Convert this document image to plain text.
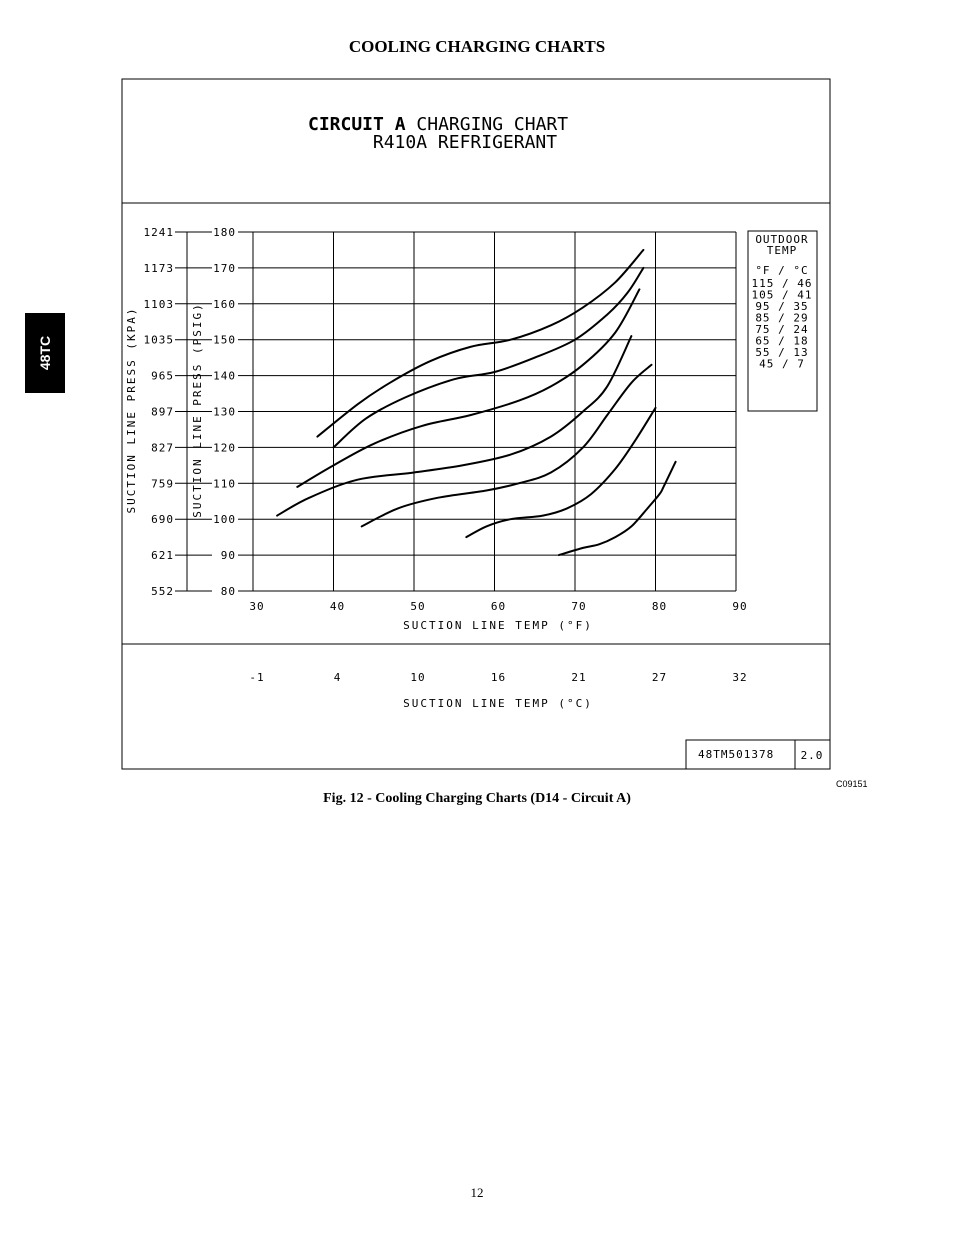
COOLING CHARGING CHARTS
48TC
CIRCUIT A CHARGING CHART
R410A REFRIGERANT
30	40	50	60	70	80	90
180
170
160
150
140
130
120
110
100
90
80
1241
1173
1103
1035
965
897
827
759
690
621
552
-1	4	10	16	21	27	32
SUCTION LINE TEMP (°F)
SUCTION LINE TEMP (°C)
SUCTION LINE PRESS (PSIG)
SUCTION LINE PRESS (KPA)
OUTDOOR
TEMP
°F / °C
115 / 46
105 / 41
95 / 35
85 / 29
75 / 24
65 / 18
55 / 13
45 / 7
48TM501378 2.0
C09151
Fig. 12 - Cooling Charging Charts (D14 - Circuit A)
12
